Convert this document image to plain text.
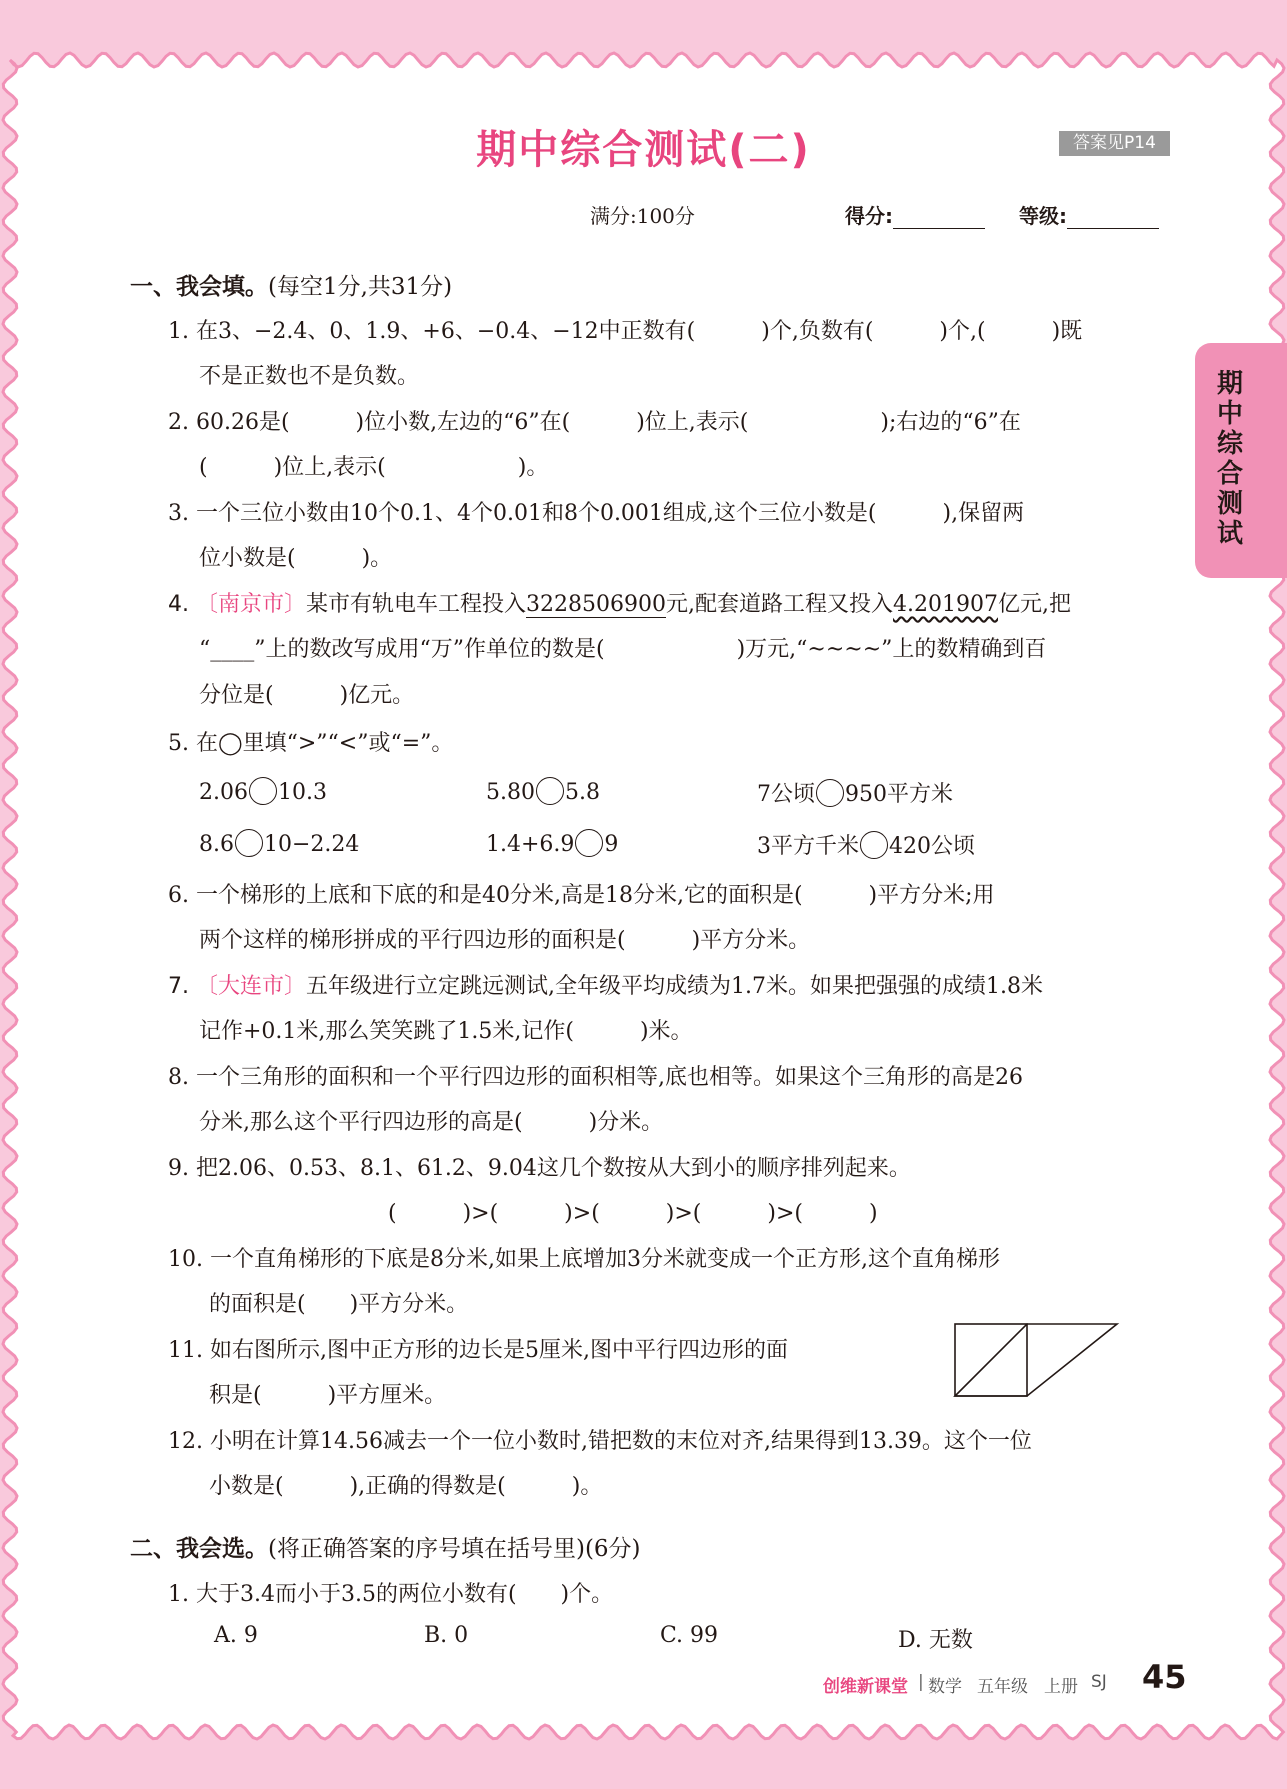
期中综合测试(二)	答案见P14
满分:100分	得分:	等级:
期中综合测试
一、我会填。(每空1分,共31分)
1. 在3、−2.4、0、1.9、+6、−0.4、−12中正数有(　　　)个,负数有(　　　)个,(　　　)既
不是正数也不是负数。
2. 60.26是(　　　)位小数,左边的“6”在(　　　)位上,表示(　　　　　　);右边的“6”在
(　　　)位上,表示(　　　　　　)。
3. 一个三位小数由10个0.1、4个0.01和8个0.001组成,这个三位小数是(　　　),保留两
位小数是(　　　)。
4. 〔南京市〕某市有轨电车工程投入3228506900元,配套道路工程又投入4.201907亿元,把
“____”上的数改写成用“万”作单位的数是(　　　　　　)万元,“~~~~”上的数精确到百
分位是(　　　)亿元。
5. 在◯里填“>”“<”或“=”。
2.06 10.3	5.80 5.8	7公顷 950平方米
8.6 10−2.24	1.4+6.9 9	3平方千米 420公顷
6. 一个梯形的上底和下底的和是40分米,高是18分米,它的面积是(　　　)平方分米;用
两个这样的梯形拼成的平行四边形的面积是(　　　)平方分米。
7. 〔大连市〕五年级进行立定跳远测试,全年级平均成绩为1.7米。如果把强强的成绩1.8米
记作+0.1米,那么笑笑跳了1.5米,记作(　　　)米。
8. 一个三角形的面积和一个平行四边形的面积相等,底也相等。如果这个三角形的高是26
分米,那么这个平行四边形的高是(　　　)分米。
9. 把2.06、0.53、8.1、61.2、9.04这几个数按从大到小的顺序排列起来。
(　　　)>(　　　)>(　　　)>(　　　)>(　　　)
10. 一个直角梯形的下底是8分米,如果上底增加3分米就变成一个正方形,这个直角梯形
的面积是(　　)平方分米。
11. 如右图所示,图中正方形的边长是5厘米,图中平行四边形的面
积是(　　　)平方厘米。
12. 小明在计算14.56减去一个一位小数时,错把数的末位对齐,结果得到13.39。这个一位
小数是(　　　),正确的得数是(　　　)。
二、我会选。(将正确答案的序号填在括号里)(6分)
1. 大于3.4而小于3.5的两位小数有(　　)个。
A. 9	B. 0	C. 99	D. 无数
创维新课堂 | 数学 五年级 上册 SJ 45
